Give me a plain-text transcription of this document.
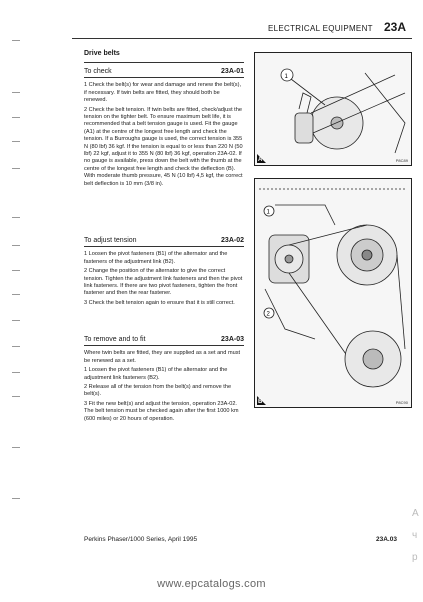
ELECTRICAL EQUIPMENT 23A
Drive belts
To check	23A-01

1 Check the belt(s) for wear and damage and renew the belt(s), if necessary. If twin belts are fitted, they should both be renewed.

2 Check the belt tension. If twin belts are fitted, check/adjust the tension on the tighter belt. To ensure maximum belt life, it is recommended that a belt tension gauge is used. Fit the gauge (A1) at the centre of the longest free length and check the tension. If a Burroughs gauge is used, the correct tension is 355 N (80 lbf) 36 kgf. If the tension is equal to or less than 220 N (50 lbf) 22 kgf, adjust it to 355 N (80 lbf) 36 kgf, operation 23A-02. If no gauge is available, press down the belt with the thumb at the centre of the longest free length and check the deflection (B). With moderate thumb pressure, 45 N (10 lbf) 4,5 kgf, the correct belt deflection is 10 mm (3/8 in).

To adjust tension	23A-02

1 Loosen the pivot fasteners (B1) of the alternator and the fasteners of the adjustment link (B2).

2 Change the position of the alternator to give the correct tension. Tighten the adjustment link fasteners and then the pivot link fasteners. If there are two pivot fasteners, tighten the front fastener and then the rear fastener.

3 Check the belt tension again to ensure that it is still correct.

To remove and to fit	23A-03

Where twin belts are fitted, they are supplied as a set and must be renewed as a set.

1 Loosen the pivot fasteners (B1) of the alternator and the adjustment link fasteners (B2).

2 Release all of the tension from the belt(s) and remove the belt(s).

3 Fit the new belt(s) and adjust the tension, operation 23A-02. The belt tension must be checked again after the first 1000 km (600 miles) or 20 hours of operation.

1
A	P8C89
1
2
B	P8C90
Perkins Phaser/1000 Series, April 1995	23A.03
A
ч
p
www.epcatalogs.com
